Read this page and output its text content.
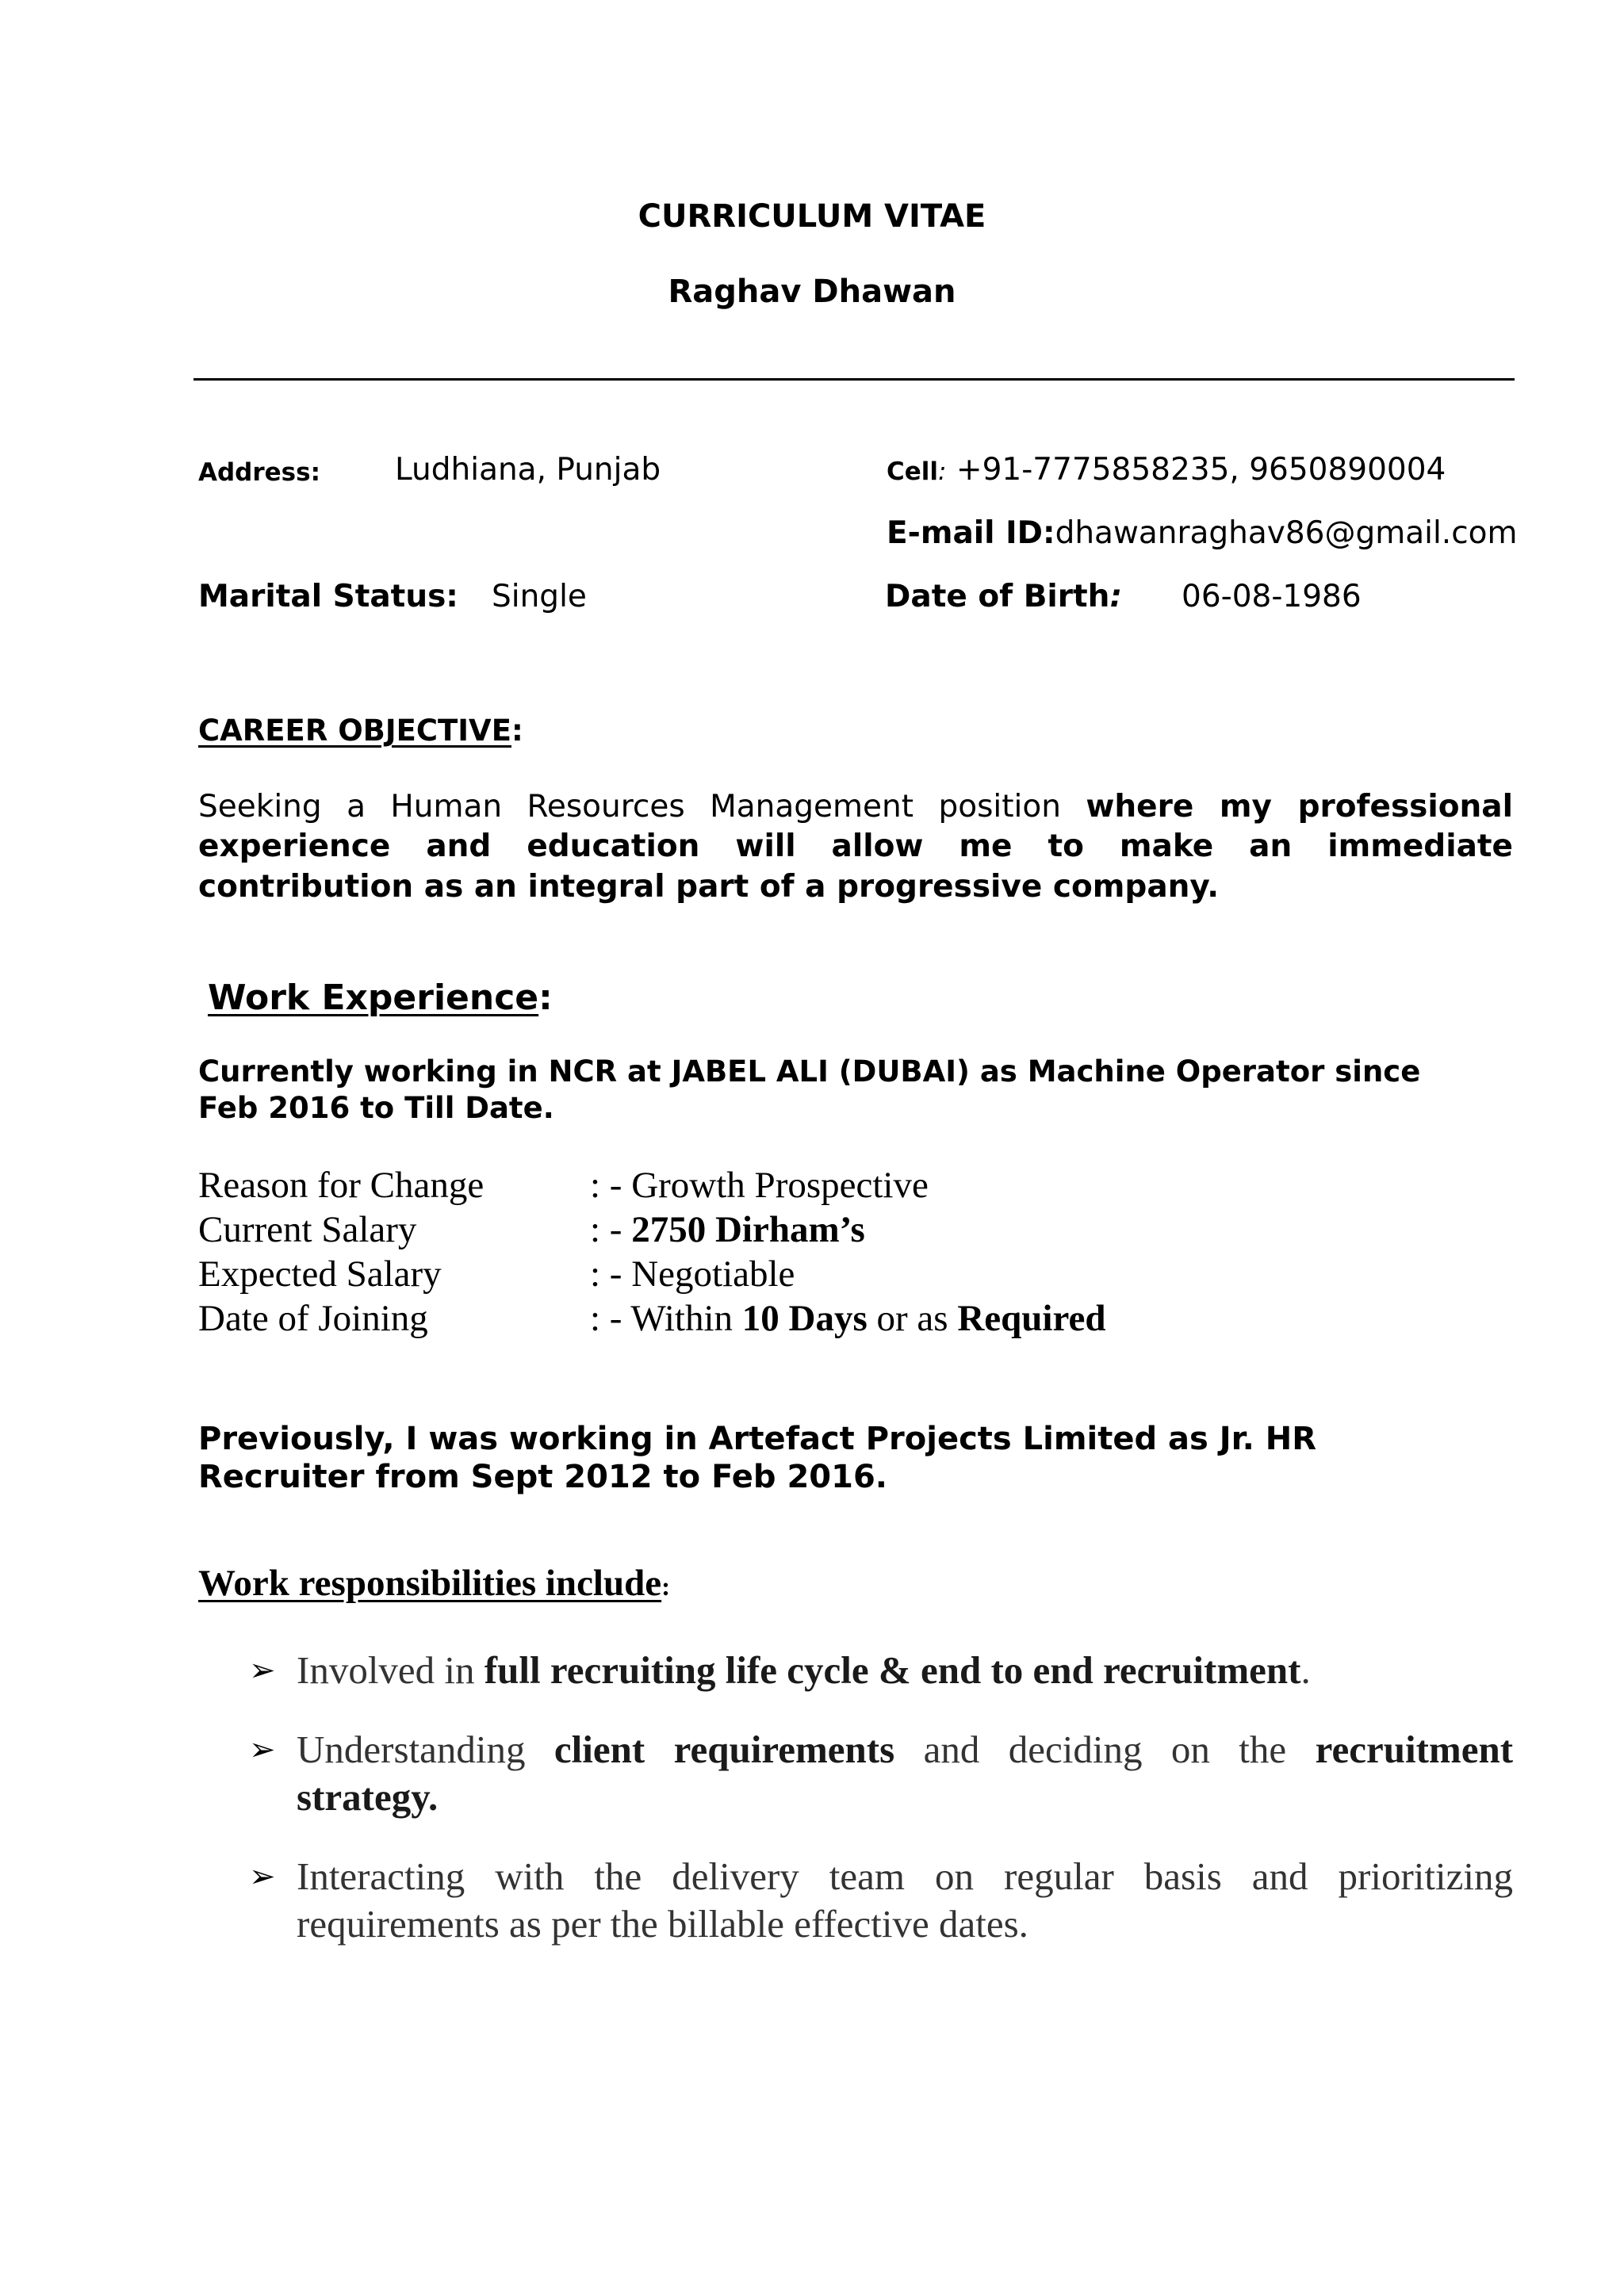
CURRICULUM VITAE
Raghav Dhawan
Address: Ludhiana, Punjab	Cell: +91-7775858235, 9650890004
E-mail ID:dhawanraghav86@gmail.com
Marital Status: Single	Date of Birth: 06-08-1986
CAREER OBJECTIVE:
Seeking a Human Resources Management position where my professional
experience and education will allow me to make an immediate
contribution as an integral part of a progressive company.
Work Experience:
Currently working in NCR at JABEL ALI (DUBAI) as Machine Operator since
Feb 2016 to Till Date.
Reason for Change	: - Growth Prospective
Current Salary	: - 2750 Dirham’s
Expected Salary	: - Negotiable
Date of Joining	: - Within 10 Days or as Required
Previously, I was working in Artefact Projects Limited as Jr. HR
Recruiter from Sept 2012 to Feb 2016.
Work responsibilities include:
➢ Involved in full recruiting life cycle & end to end recruitment.
➢ Understanding client requirements and deciding on the recruitment
strategy.
➢ Interacting with the delivery team on regular basis and prioritizing
requirements as per the billable effective dates.
